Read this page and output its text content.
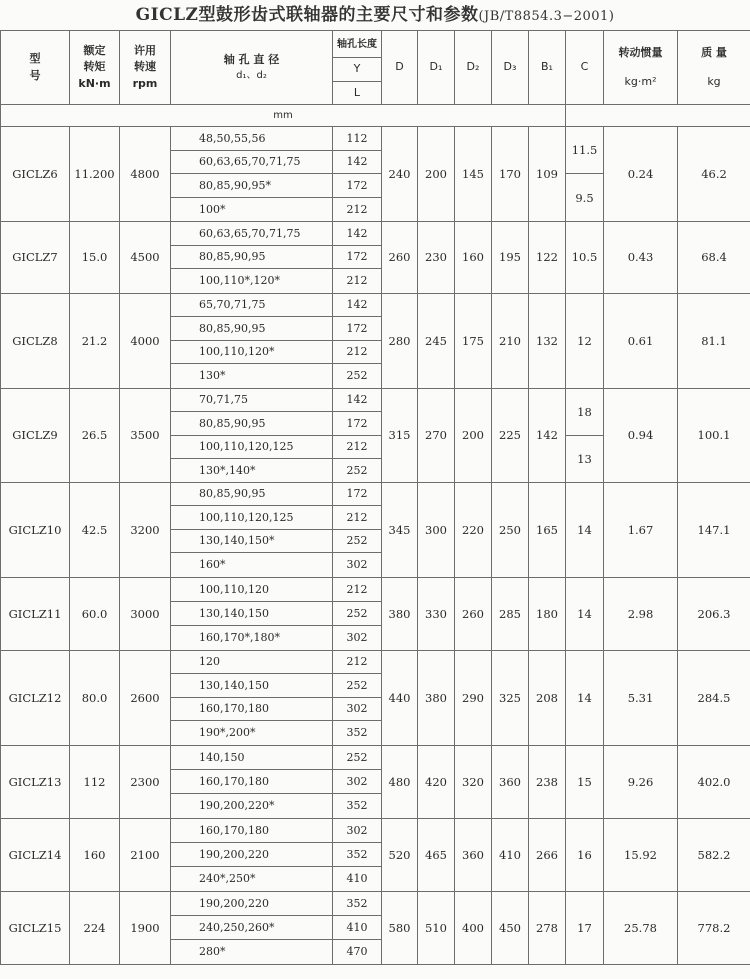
GICLZ型鼓形齿式联轴器的主要尺寸和参数(JB/T8854.3−2001)
型
号	额定
转矩
kN·m	许用
转速
rpm	轴 孔 直 径
d₁、d₂	轴孔长度	D	D₁	D₂	D₃	B₁	C	转动惯量
kg·m²	质 量
kg

				Y								
				L								
mm												
GICLZ6	11.200	4800	48,50,55,56	112	240	200	145	170	109	11.5	0.24	46.2
			60,63,65,70,71,75	142								
			80,85,90,95*	172						9.5		
			100*	212								
GICLZ7	15.0	4500	60,63,65,70,71,75	142	260	230	160	195	122	10.5	0.43	68.4
			80,85,90,95	172								
			100,110*,120*	212								
GICLZ8	21.2	4000	65,70,71,75	142	280	245	175	210	132	12	0.61	81.1
			80,85,90,95	172								
			100,110,120*	212								
			130*	252								
GICLZ9	26.5	3500	70,71,75	142	315	270	200	225	142	18	0.94	100.1
			80,85,90,95	172								
			100,110,120,125	212						13		
			130*,140*	252								
GICLZ10	42.5	3200	80,85,90,95	172	345	300	220	250	165	14	1.67	147.1
			100,110,120,125	212								
			130,140,150*	252								
			160*	302								
GICLZ11	60.0	3000	100,110,120	212	380	330	260	285	180	14	2.98	206.3
			130,140,150	252								
			160,170*,180*	302								
GICLZ12	80.0	2600	120	212	440	380	290	325	208	14	5.31	284.5
			130,140,150	252								
			160,170,180	302								
			190*,200*	352								
GICLZ13	112	2300	140,150	252	480	420	320	360	238	15	9.26	402.0
			160,170,180	302								
			190,200,220*	352								
GICLZ14	160	2100	160,170,180	302	520	465	360	410	266	16	15.92	582.2
			190,200,220	352								
			240*,250*	410								
GICLZ15	224	1900	190,200,220	352	580	510	400	450	278	17	25.78	778.2
			240,250,260*	410								
			280*	470								
